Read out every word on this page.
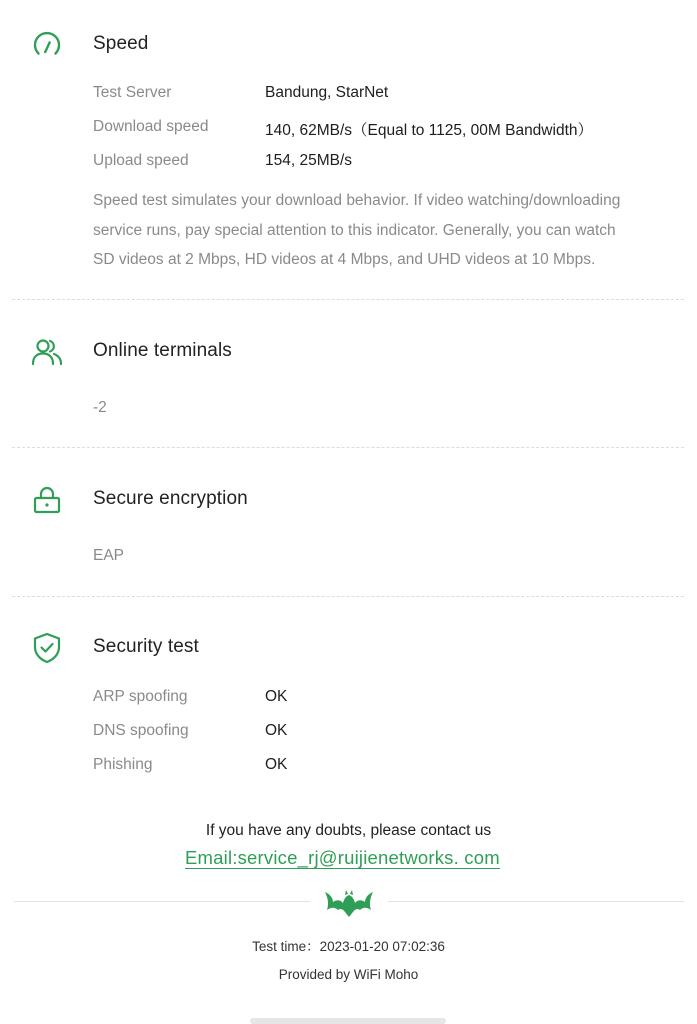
Speed
Test Server	Bandung, StarNet
Download speed	140, 62MB/s（Equal to 1125, 00M Bandwidth）
Upload speed	154, 25MB/s
Speed test simulates your download behavior. If video watching/downloading
service runs, pay special attention to this indicator. Generally, you can watch
SD videos at 2 Mbps, HD videos at 4 Mbps, and UHD videos at 10 Mbps.
Online terminals
-2
Secure encryption
EAP
Security test
ARP spoofing	OK
DNS spoofing	OK
Phishing	OK
If you have any doubts, please contact us
Email:service_rj@ruijienetworks. com
Test time：2023-01-20 07:02:36
Provided by WiFi Moho
